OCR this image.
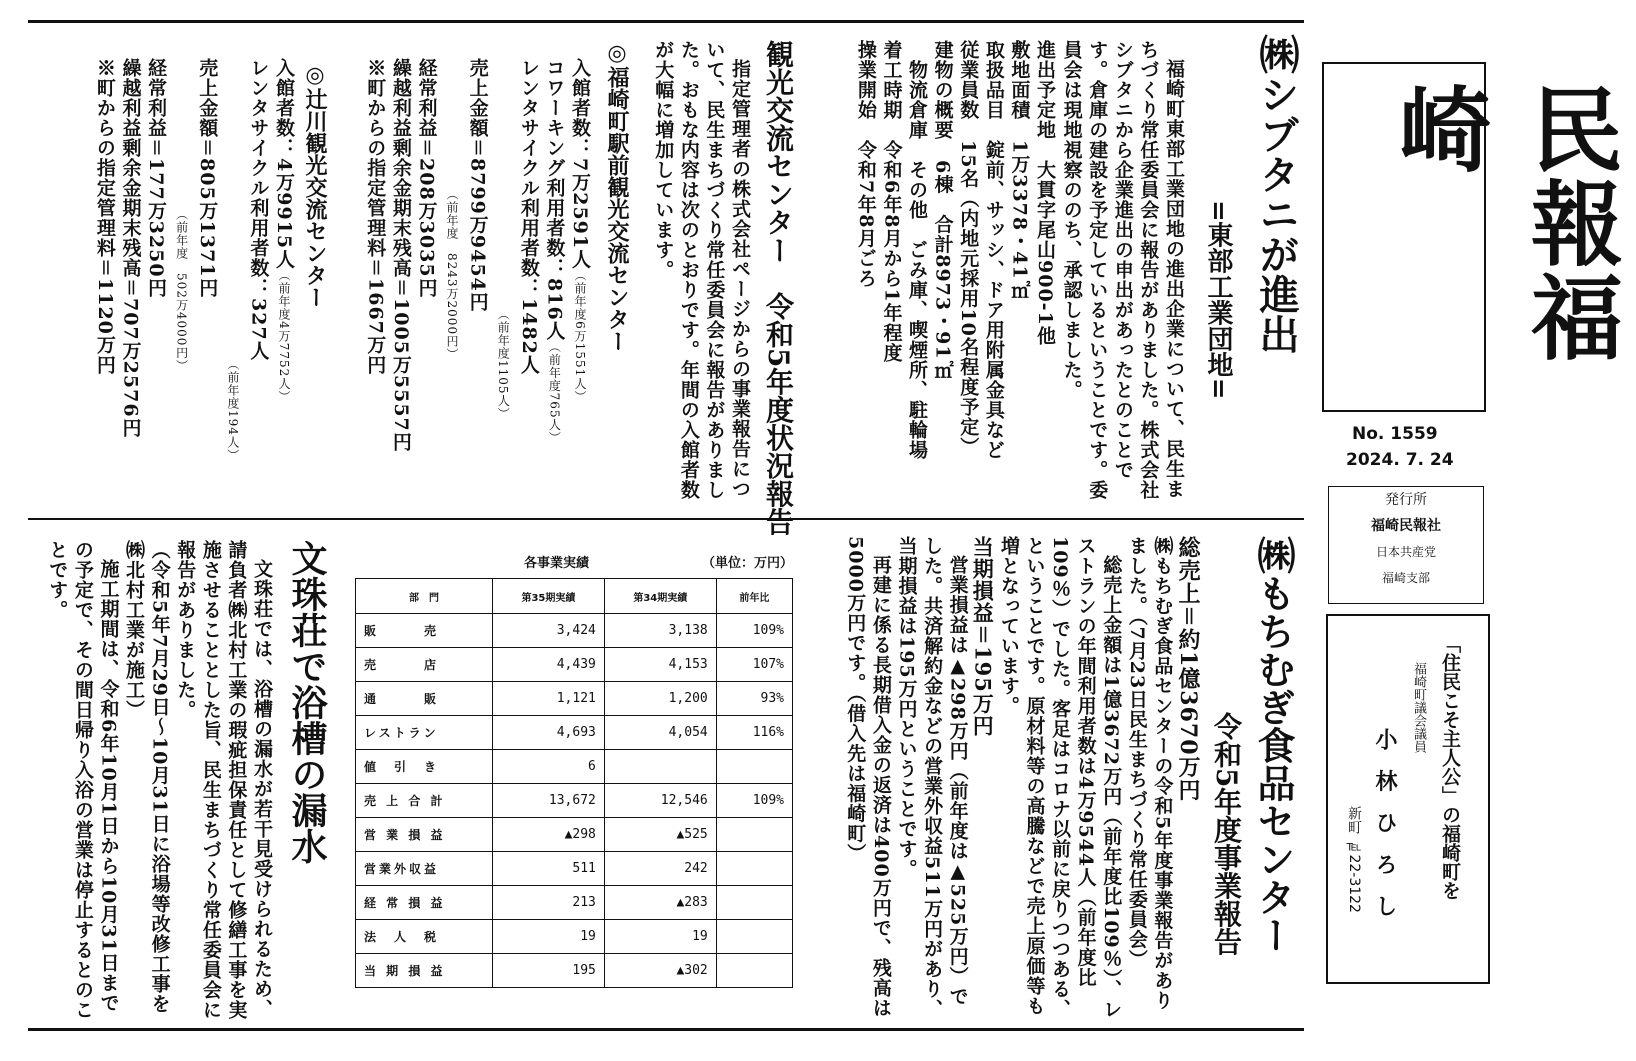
民報福崎
No. 1559
2024. 7. 24
発行所
福崎民報社
日本共産党
福崎支部
「住民こそ主人公」の福崎町を
福崎町議会議員
小 林 ひ ろ し
新町 ℡22-3122
㈱シブタニが進出
=東部工業団地=

福崎町東部工業団地の進出企業について、民生まちづくり常任委員会に報告がありました。株式会社シブタニから企業進出の申出があったとのことです。倉庫の建設を予定しているということです。委員会は現地視察ののち、承認しました。

進出予定地　大貫字尾山900-1他

敷地面積　1万3378・41㎡

取扱品目　錠前、サッシ、ドア用附属金具など

従業員数　15名（内地元採用10名程度予定）

建物の概要　6棟　合計8973・91㎡

　物流倉庫　その他　ごみ庫、喫煙所、駐輪場

着工時期　令和6年8月から1年程度

操業開始　令和7年8月ごろ

観光交流センター　令和5年度状況報告

指定管理者の株式会社ページからの事業報告について、民生まちづくり常任委員会に報告がありました。おもな内容は次のとおりです。年間の入館者数が大幅に増加しています。

◎福崎町駅前観光交流センター

入館者数：7万2591人（前年度6万1551人）

コワーキング利用者数：816人（前年度765人）

レンタサイクル利用者数：1482人

（前年度1105人）

売上金額＝8799万9454円

（前年度　8243万2000円）

経常利益＝208万3035円

繰越利益剰余金期末残高＝1005万5557円

※町からの指定管理料＝1667万円

◎辻川観光交流センター

入館者数：4万9915人（前年度4万7752人）

レンタサイクル利用者数：327人

（前年度194人）

売上金額＝805万1371円

（前年度　502万4000円）

経常利益＝177万3250円

繰越利益剰余金期末残高＝707万2576円

※町からの指定管理料＝1120万円

㈱もちむぎ食品センター
令和5年度事業報告

総売上＝約1億3670万円

㈱もちむぎ食品センターの令和5年度事業報告がありました。（7月23日民生まちづくり常任委員会）

総売上金額は1億3672万円（前年度比109％）、レストランの年間利用者数は4万9544人（前年度比109％）でした。客足はコロナ以前に戻りつつある、ということです。原材料等の高騰などで売上原価等も増となっています。

当期損益＝195万円

営業損益は▲298万円（前年度は▲525万円）でした。共済解約金などの営業外収益511万円があり、当期損益は195万円ということです。

再建に係る長期借入金の返済は400万円で、残高は5000万円です。（借入先は福崎町）

各事業実績	（単位：万円）
部　門	第35期実績	第34期実績	前年比
販　　　売	3,424	3,138	109%
売　　　店	4,439	4,153	107%
通　　　販	1,121	1,200	93%
レストラン	4,693	4,054	116%
値　引　き	6		
売 上 合 計	13,672	12,546	109%
営 業 損 益	▲298	▲525	
営業外収益	511	242	
経 常 損 益	213	▲283	
法　人　税	19	19	
当 期 損 益	195	▲302	
文珠荘で浴槽の漏水

文珠荘では、浴槽の漏水が若干見受けられるため、請負者㈱北村工業の瑕疵担保責任として修繕工事を実施させることとした旨、民生まちづくり常任委員会に報告がありました。

（令和5年7月29日～10月31日に浴場等改修工事を㈱北村工業が施工）

施工期間は、令和6年10月1日から10月31日までの予定で、その間日帰り入浴の営業は停止するとのことです。
